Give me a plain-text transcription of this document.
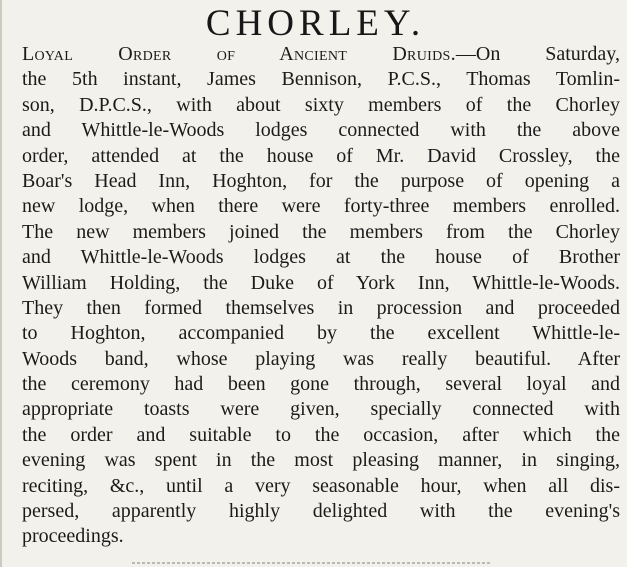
CHORLEY.
Loyal Order of Ancient Druids.—On Saturday,
the 5th instant, James Bennison, P.C.S., Thomas Tomlin-
son, D.P.C.S., with about sixty members of the Chorley
and Whittle-le-Woods lodges connected with the above
order, attended at the house of Mr. David Crossley, the
Boar's Head Inn, Hoghton, for the purpose of opening a
new lodge, when there were forty-three members enrolled.
The new members joined the members from the Chorley
and Whittle-le-Woods lodges at the house of Brother
William Holding, the Duke of York Inn, Whittle-le-Woods.
They then formed themselves in procession and proceeded
to Hoghton, accompanied by the excellent Whittle-le-
Woods band, whose playing was really beautiful. After
the ceremony had been gone through, several loyal and
appropriate toasts were given, specially connected with
the order and suitable to the occasion, after which the
evening was spent in the most pleasing manner, in singing,
reciting, &c., until a very seasonable hour, when all dis-
persed, apparently highly delighted with the evening's
proceedings.
